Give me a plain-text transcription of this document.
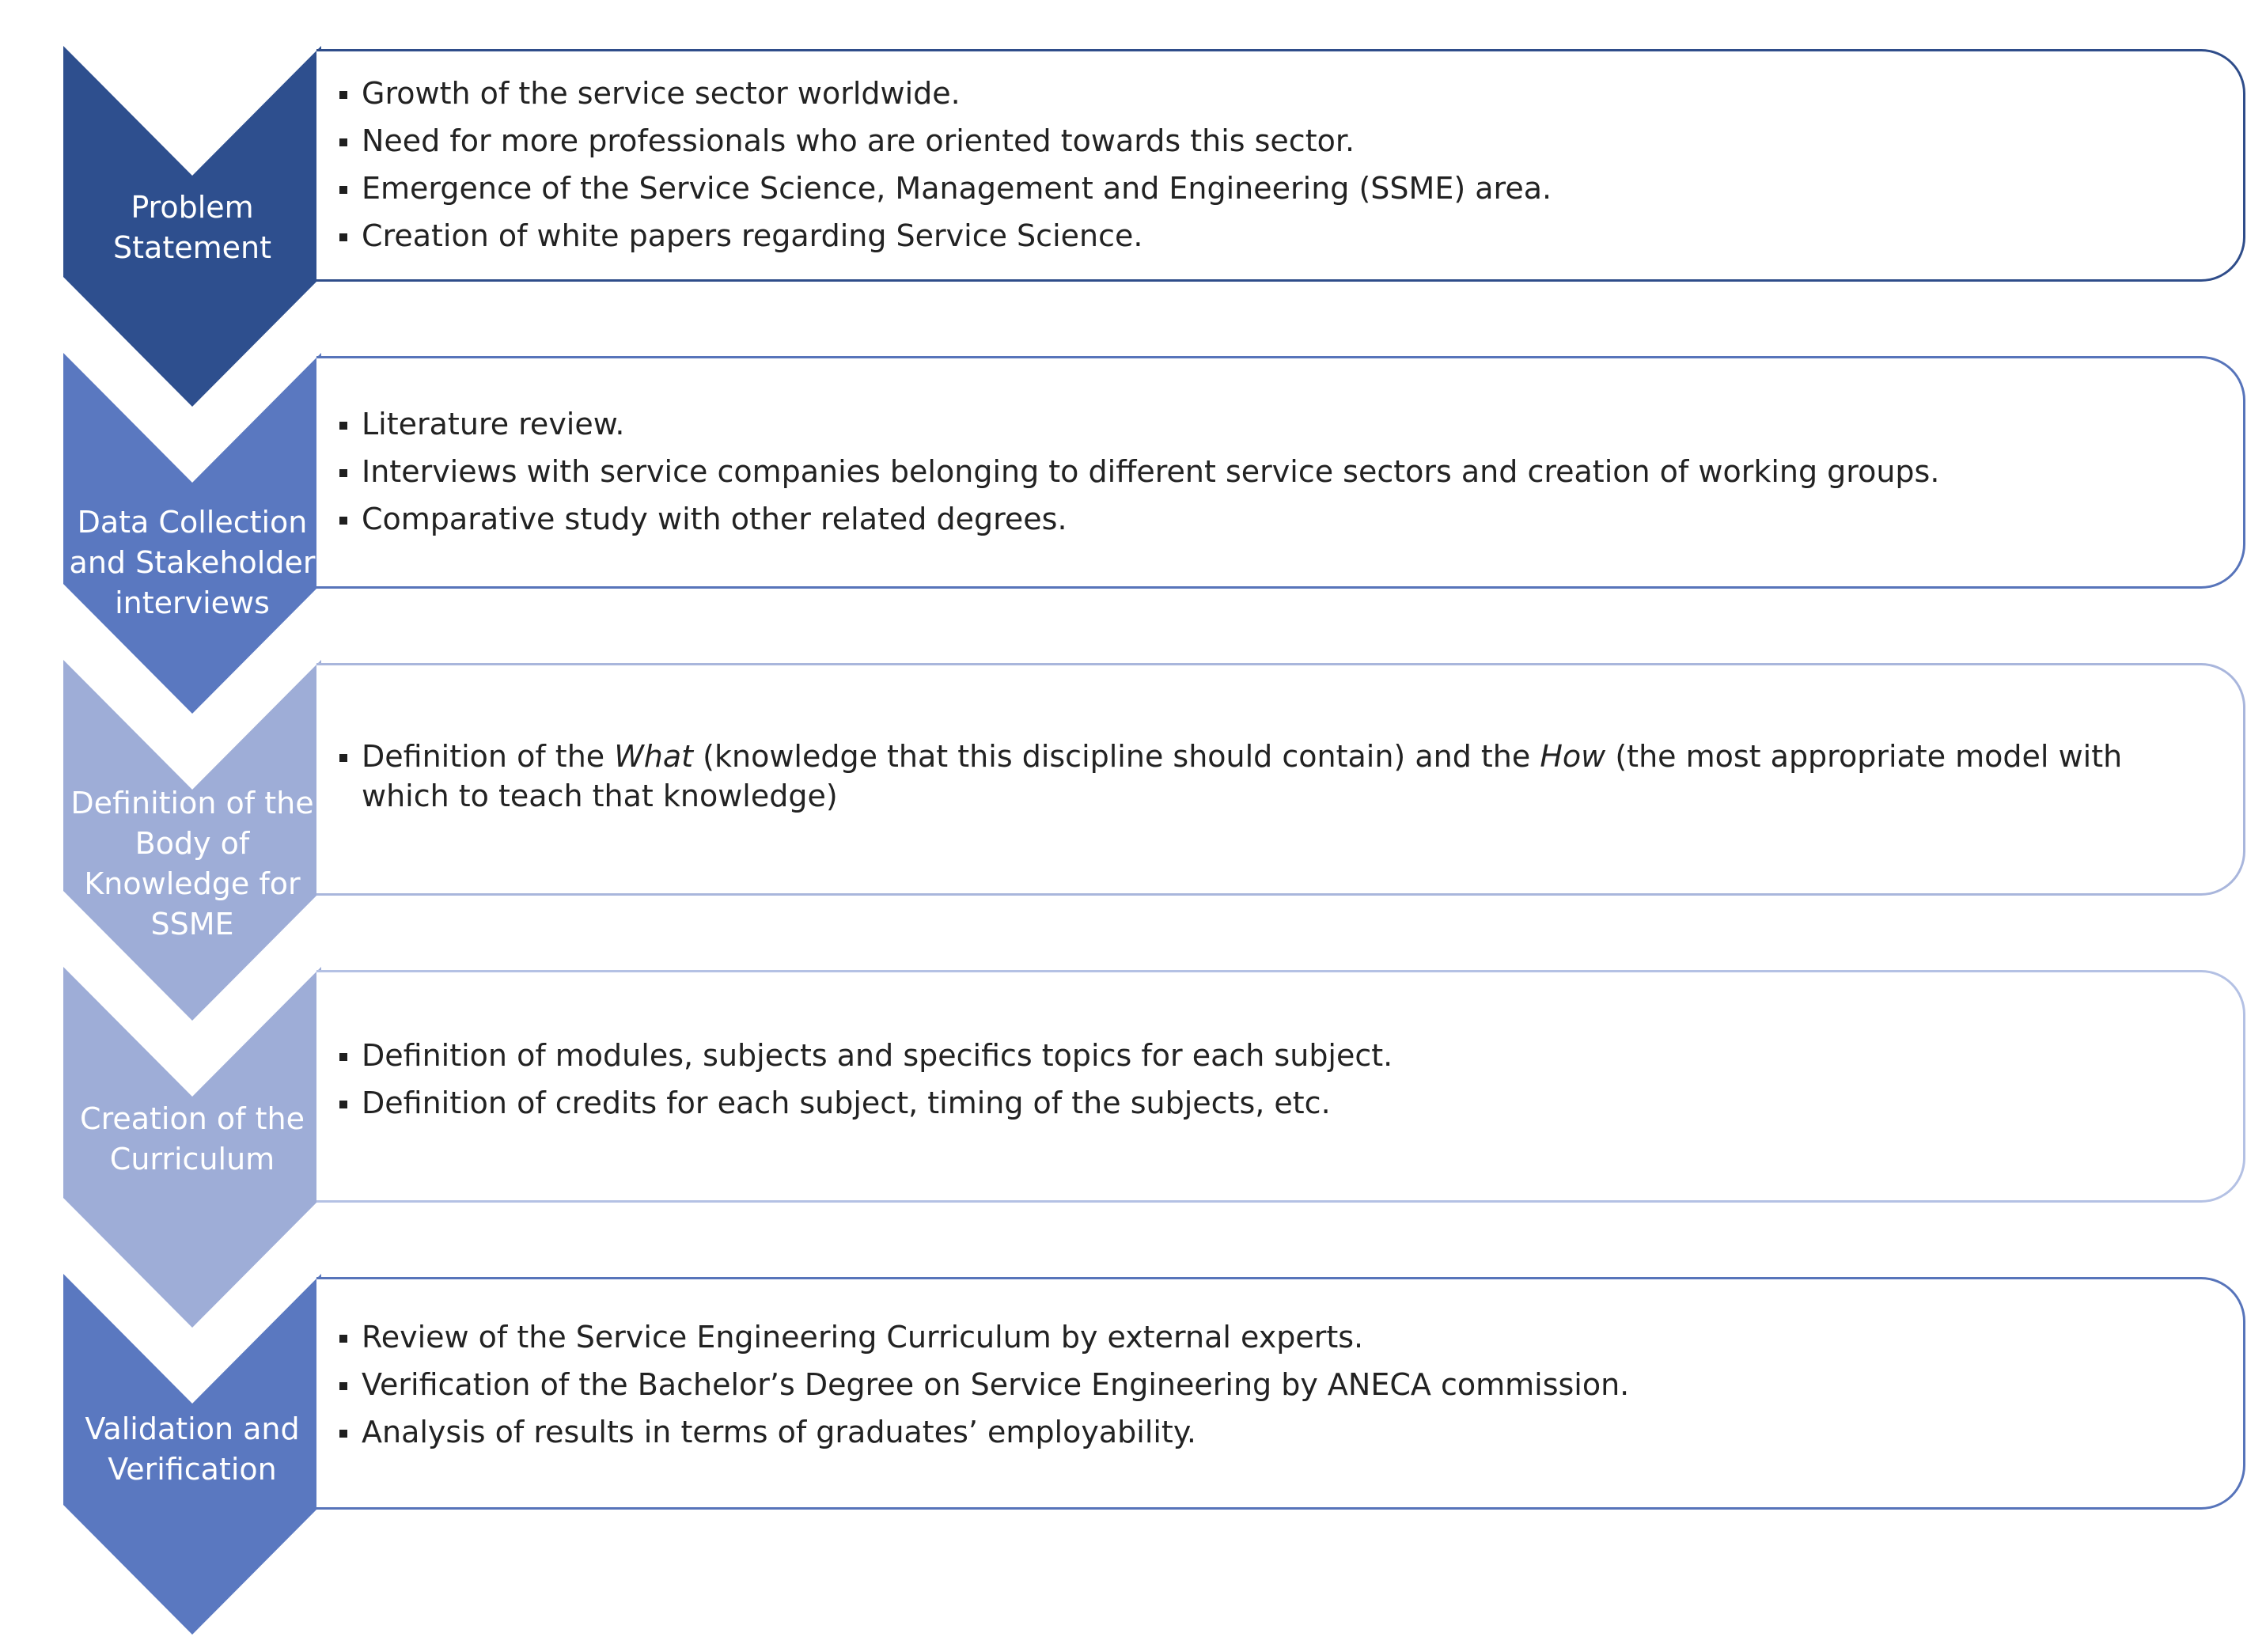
Problem Statement
Growth of the service sector worldwide.
Need for more professionals who are oriented towards this sector.
Emergence of the Service Science, Management and Engineering (SSME) area.
Creation of white papers regarding Service Science.
Data Collection and Stakeholder interviews
Literature review.
Interviews with service companies belonging to different service sectors and creation of working groups.
Comparative study with other related degrees.
Definition of the Body of Knowledge for SSME
Definition of the What (knowledge that this discipline should contain) and the How (the most appropriate model with which to teach that knowledge)
Creation of the Curriculum
Definition of modules, subjects and specifics topics for each subject.
Definition of credits for each subject, timing of the subjects, etc.
Validation and Verification
Review of the Service Engineering Curriculum by external experts.
Verification of the Bachelor’s Degree on Service Engineering by ANECA commission.
Analysis of results in terms of graduates’ employability.
